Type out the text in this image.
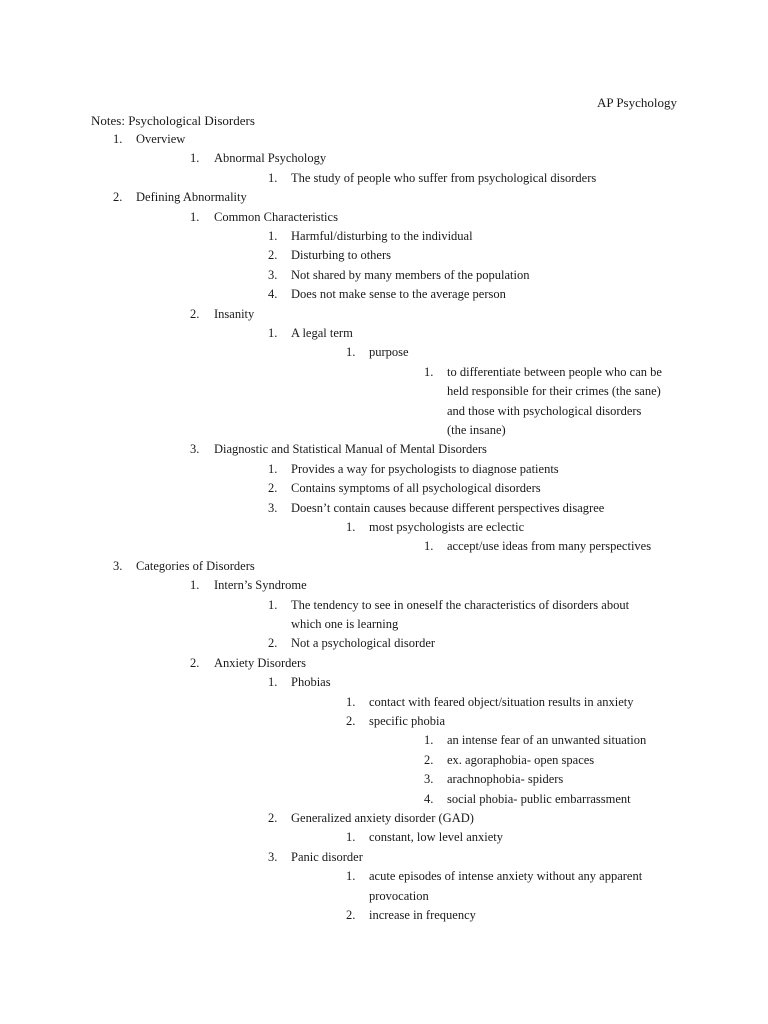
AP Psychology
Notes: Psychological Disorders
1. Overview
1. Abnormal Psychology
1. The study of people who suffer from psychological disorders
2. Defining Abnormality
1. Common Characteristics
1. Harmful/disturbing to the individual
2. Disturbing to others
3. Not shared by many members of the population
4. Does not make sense to the average person
2. Insanity
1. A legal term
1. purpose
1. to differentiate between people who can be
held responsible for their crimes (the sane)
and those with psychological disorders
(the insane)
3. Diagnostic and Statistical Manual of Mental Disorders
1. Provides a way for psychologists to diagnose patients
2. Contains symptoms of all psychological disorders
3. Doesn’t contain causes because different perspectives disagree
1. most psychologists are eclectic
1. accept/use ideas from many perspectives
3. Categories of Disorders
1. Intern’s Syndrome
1. The tendency to see in oneself the characteristics of disorders about
which one is learning
2. Not a psychological disorder
2. Anxiety Disorders
1. Phobias
1. contact with feared object/situation results in anxiety
2. specific phobia
1. an intense fear of an unwanted situation
2. ex. agoraphobia- open spaces
3. arachnophobia- spiders
4. social phobia- public embarrassment
2. Generalized anxiety disorder (GAD)
1. constant, low level anxiety
3. Panic disorder
1. acute episodes of intense anxiety without any apparent
provocation
2. increase in frequency
